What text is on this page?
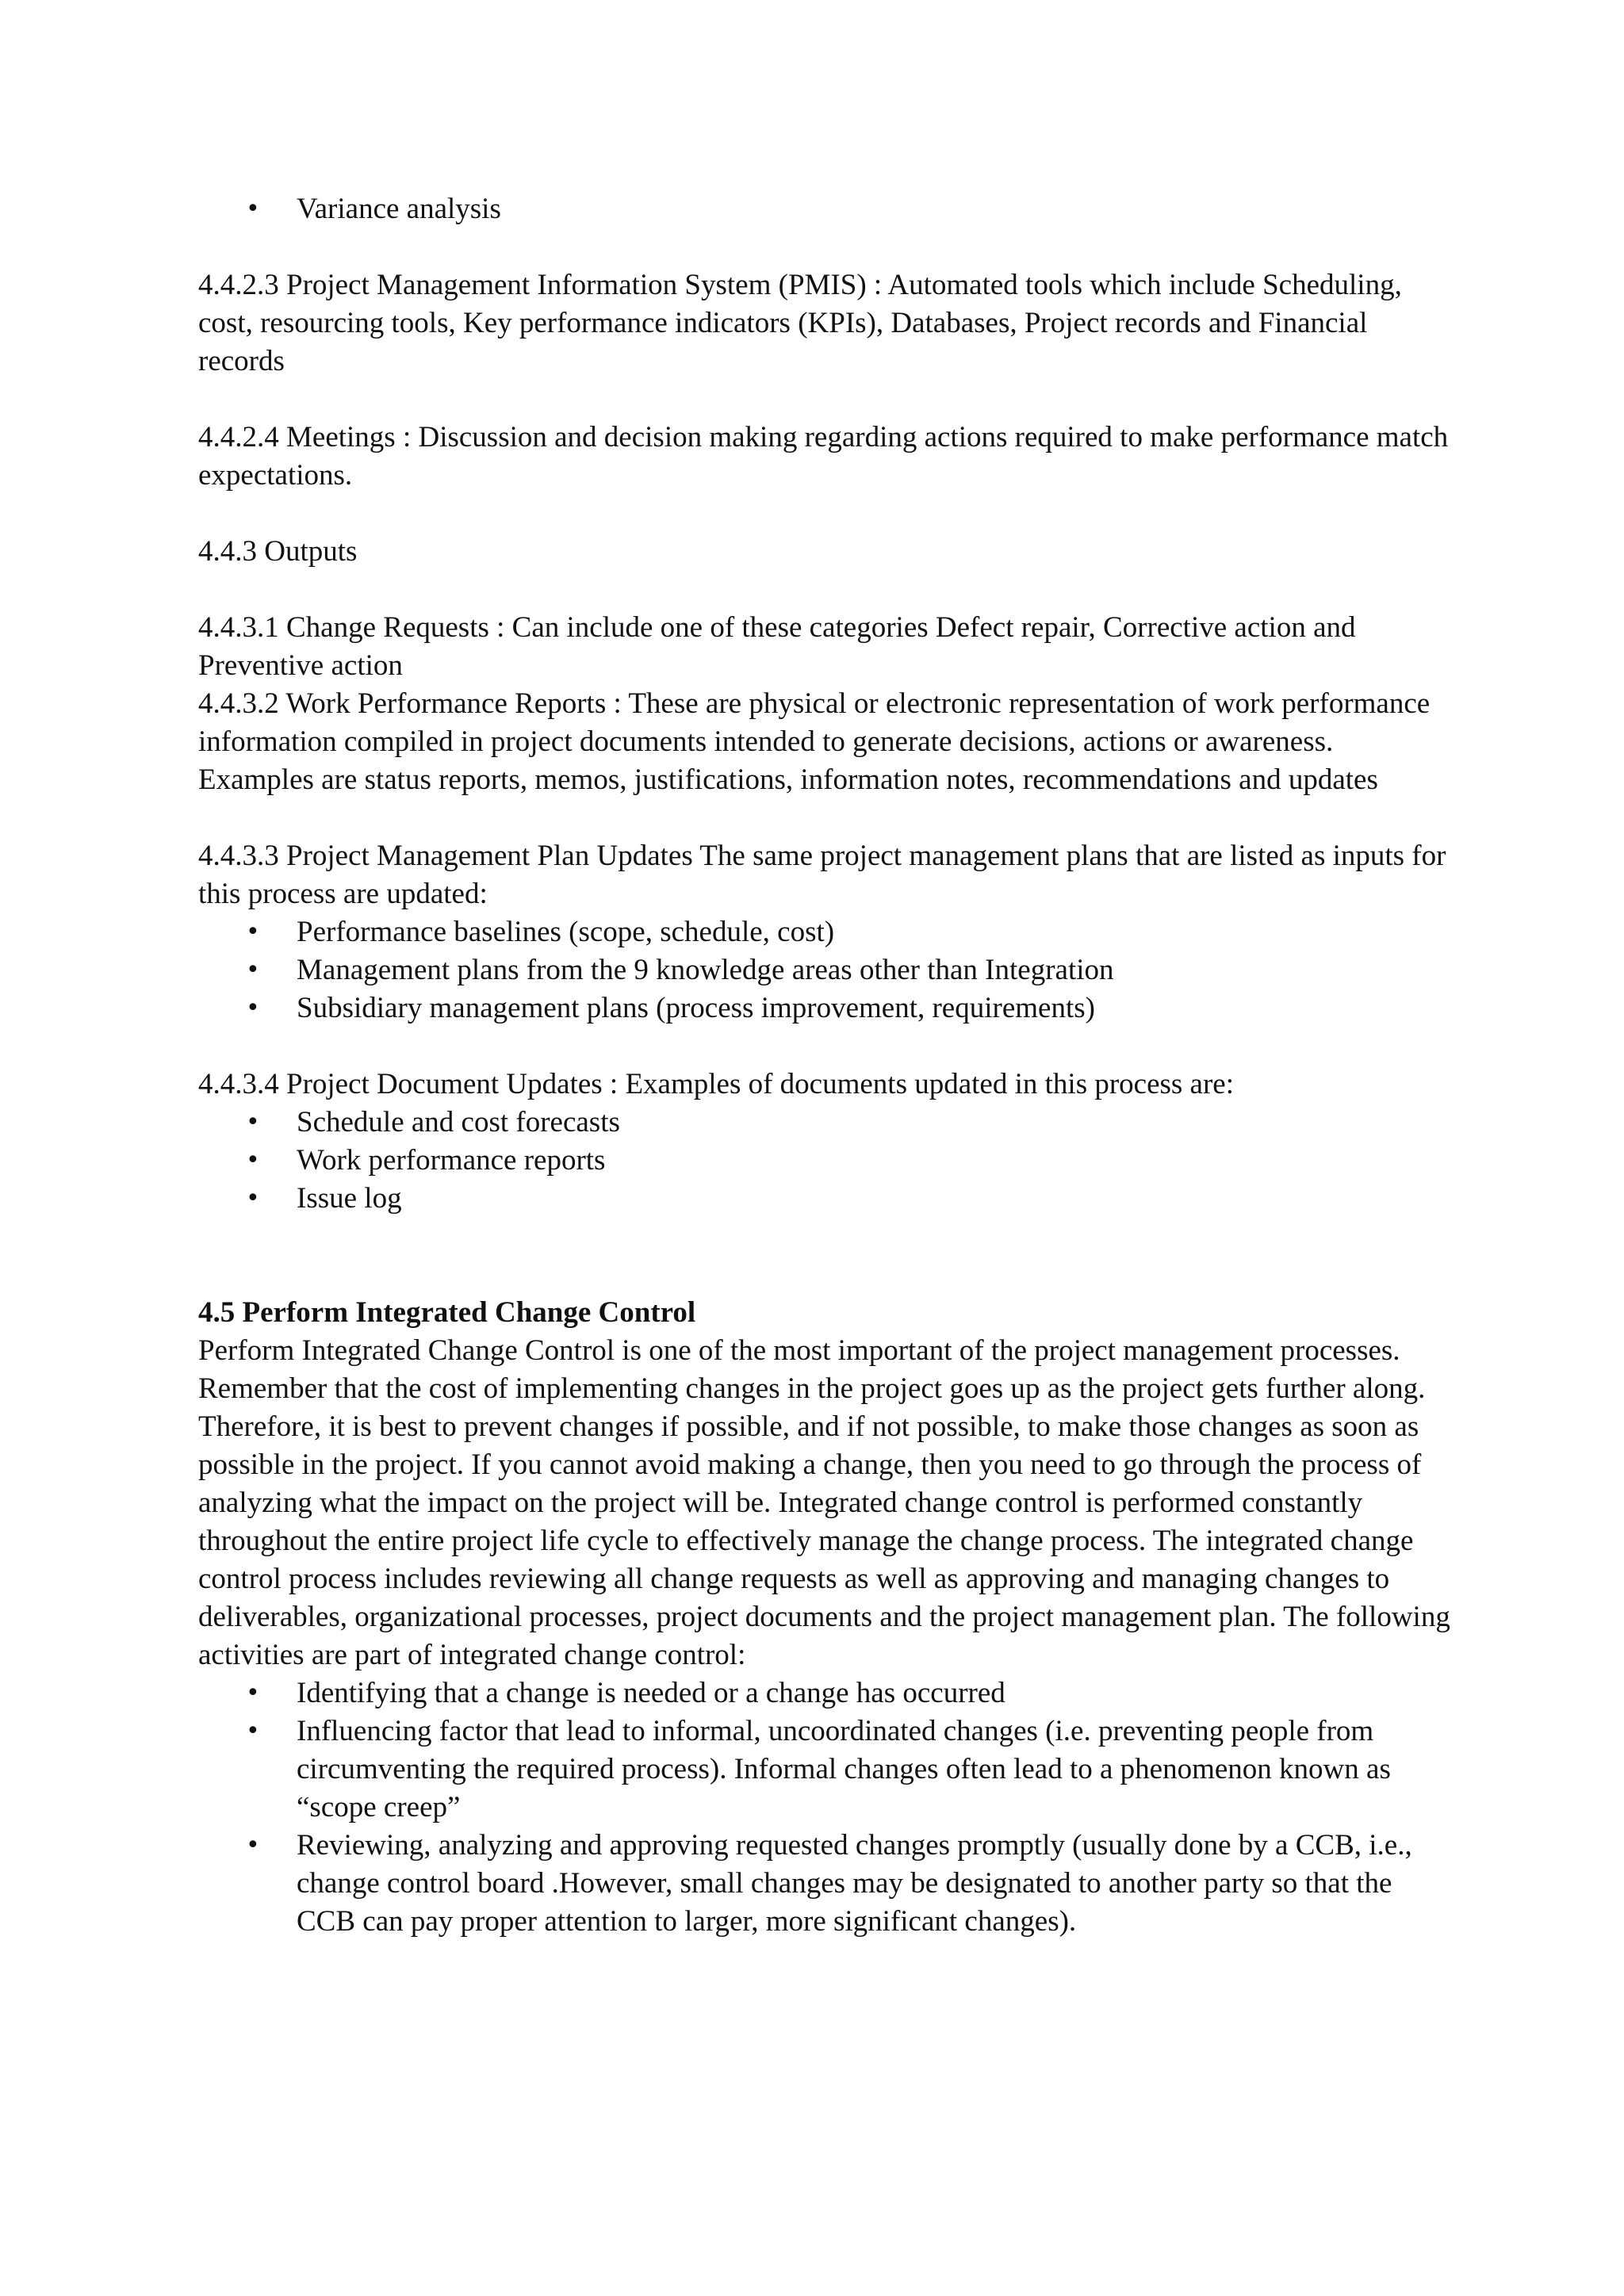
• Variance analysis

4.4.2.3 Project Management Information System (PMIS) : Automated tools which include Scheduling, cost, resourcing tools, Key performance indicators (KPIs), Databases, Project records and Financial records

4.4.2.4 Meetings : Discussion and decision making regarding actions required to make performance match expectations.

4.4.3 Outputs

4.4.3.1 Change Requests : Can include one of these categories Defect repair, Corrective action and Preventive action

4.4.3.2 Work Performance Reports : These are physical or electronic representation of work performance information compiled in project documents intended to generate decisions, actions or awareness. Examples are status reports, memos, justifications, information notes, recommendations and updates

4.4.3.3 Project Management Plan Updates The same project management plans that are listed as inputs for this process are updated:

• Performance baselines (scope, schedule, cost)
• Management plans from the 9 knowledge areas other than Integration
• Subsidiary management plans (process improvement, requirements)

4.4.3.4 Project Document Updates : Examples of documents updated in this process are:

• Schedule and cost forecasts
• Work performance reports
• Issue log

4.5 Perform Integrated Change Control

Perform Integrated Change Control is one of the most important of the project management processes. Remember that the cost of implementing changes in the project goes up as the project gets further along. Therefore, it is best to prevent changes if possible, and if not possible, to make those changes as soon as possible in the project. If you cannot avoid making a change, then you need to go through the process of analyzing what the impact on the project will be. Integrated change control is performed constantly throughout the entire project life cycle to effectively manage the change process. The integrated change control process includes reviewing all change requests as well as approving and managing changes to deliverables, organizational processes, project documents and the project management plan. The following activities are part of integrated change control:

• Identifying that a change is needed or a change has occurred
• Influencing factor that lead to informal, uncoordinated changes (i.e. preventing people from circumventing the required process). Informal changes often lead to a phenomenon known as “scope creep”
• Reviewing, analyzing and approving requested changes promptly (usually done by a CCB, i.e., change control board .However, small changes may be designated to another party so that the CCB can pay proper attention to larger, more significant changes).
